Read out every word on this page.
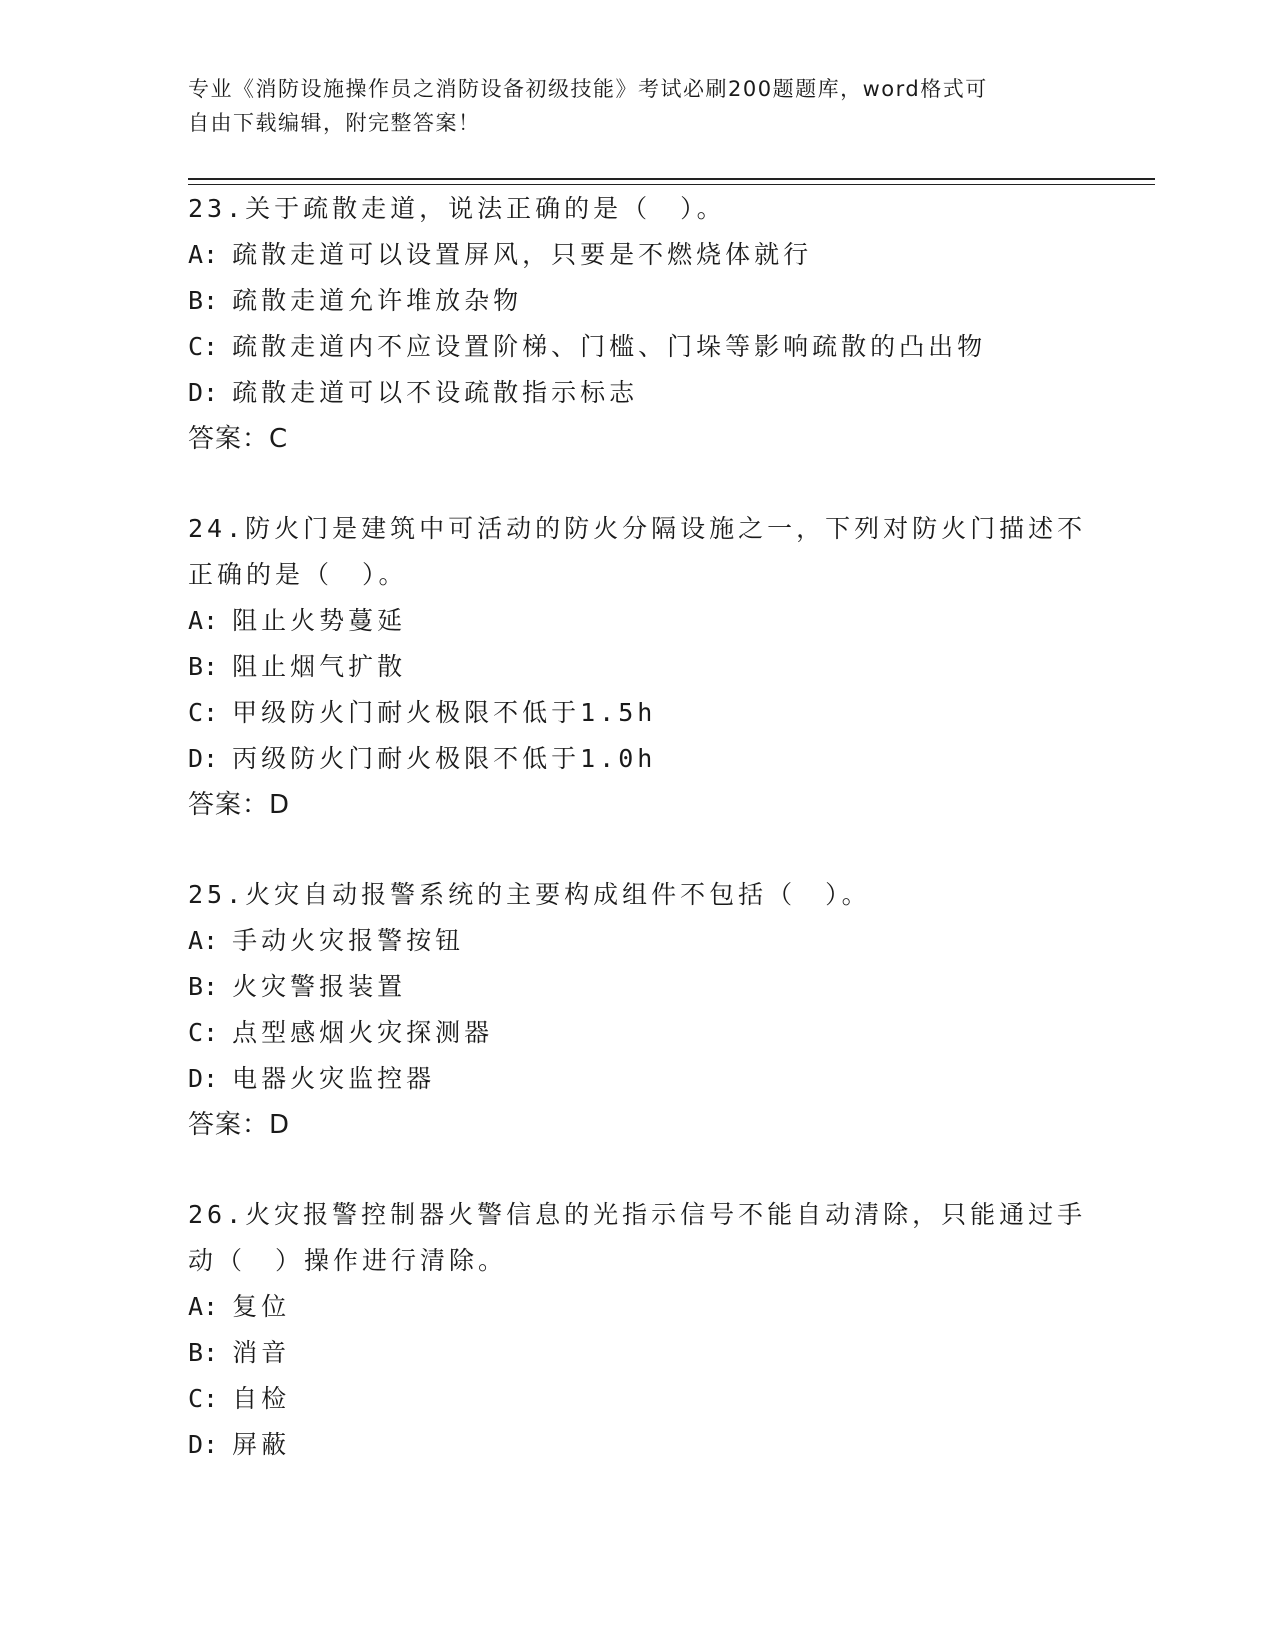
专业《消防设施操作员之消防设备初级技能》考试必刷200题题库，word格式可
自由下载编辑，附完整答案！
23.关于疏散走道，说法正确的是（　）。
A: 疏散走道可以设置屏风，只要是不燃烧体就行
B: 疏散走道允许堆放杂物
C: 疏散走道内不应设置阶梯、门槛、门垛等影响疏散的凸出物
D: 疏散走道可以不设疏散指示标志
答案：C
24.防火门是建筑中可活动的防火分隔设施之一，下列对防火门描述不
正确的是（　）。
A: 阻止火势蔓延
B: 阻止烟气扩散
C: 甲级防火门耐火极限不低于1.5h
D: 丙级防火门耐火极限不低于1.0h
答案：D
25.火灾自动报警系统的主要构成组件不包括（　）。
A: 手动火灾报警按钮
B: 火灾警报装置
C: 点型感烟火灾探测器
D: 电器火灾监控器
答案：D
26.火灾报警控制器火警信息的光指示信号不能自动清除，只能通过手
动（　）操作进行清除。
A: 复位
B: 消音
C: 自检
D: 屏蔽
